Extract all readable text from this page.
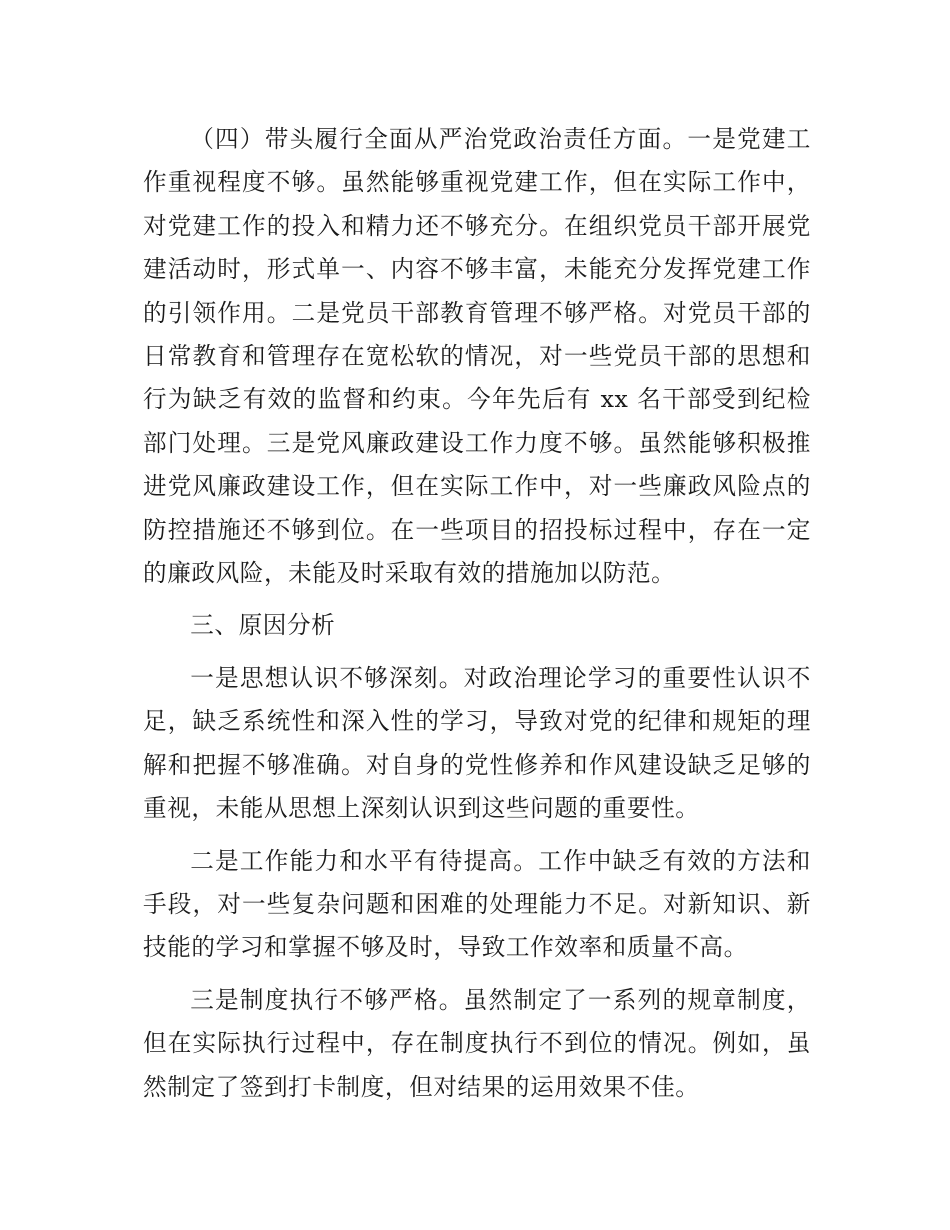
（四）带头履行全面从严治党政治责任方面。一是党建工作重视程度不够。虽然能够重视党建工作，但在实际工作中，对党建工作的投入和精力还不够充分。在组织党员干部开展党建活动时，形式单一、内容不够丰富，未能充分发挥党建工作的引领作用。二是党员干部教育管理不够严格。对党员干部的日常教育和管理存在宽松软的情况，对一些党员干部的思想和行为缺乏有效的监督和约束。今年先后有 xx 名干部受到纪检部门处理。三是党风廉政建设工作力度不够。虽然能够积极推进党风廉政建设工作，但在实际工作中，对一些廉政风险点的防控措施还不够到位。在一些项目的招投标过程中，存在一定的廉政风险，未能及时采取有效的措施加以防范。

三、原因分析

一是思想认识不够深刻。对政治理论学习的重要性认识不足，缺乏系统性和深入性的学习，导致对党的纪律和规矩的理解和把握不够准确。对自身的党性修养和作风建设缺乏足够的重视，未能从思想上深刻认识到这些问题的重要性。

二是工作能力和水平有待提高。工作中缺乏有效的方法和手段，对一些复杂问题和困难的处理能力不足。对新知识、新技能的学习和掌握不够及时，导致工作效率和质量不高。

三是制度执行不够严格。虽然制定了一系列的规章制度，但在实际执行过程中，存在制度执行不到位的情况。例如，虽然制定了签到打卡制度，但对结果的运用效果不佳。
